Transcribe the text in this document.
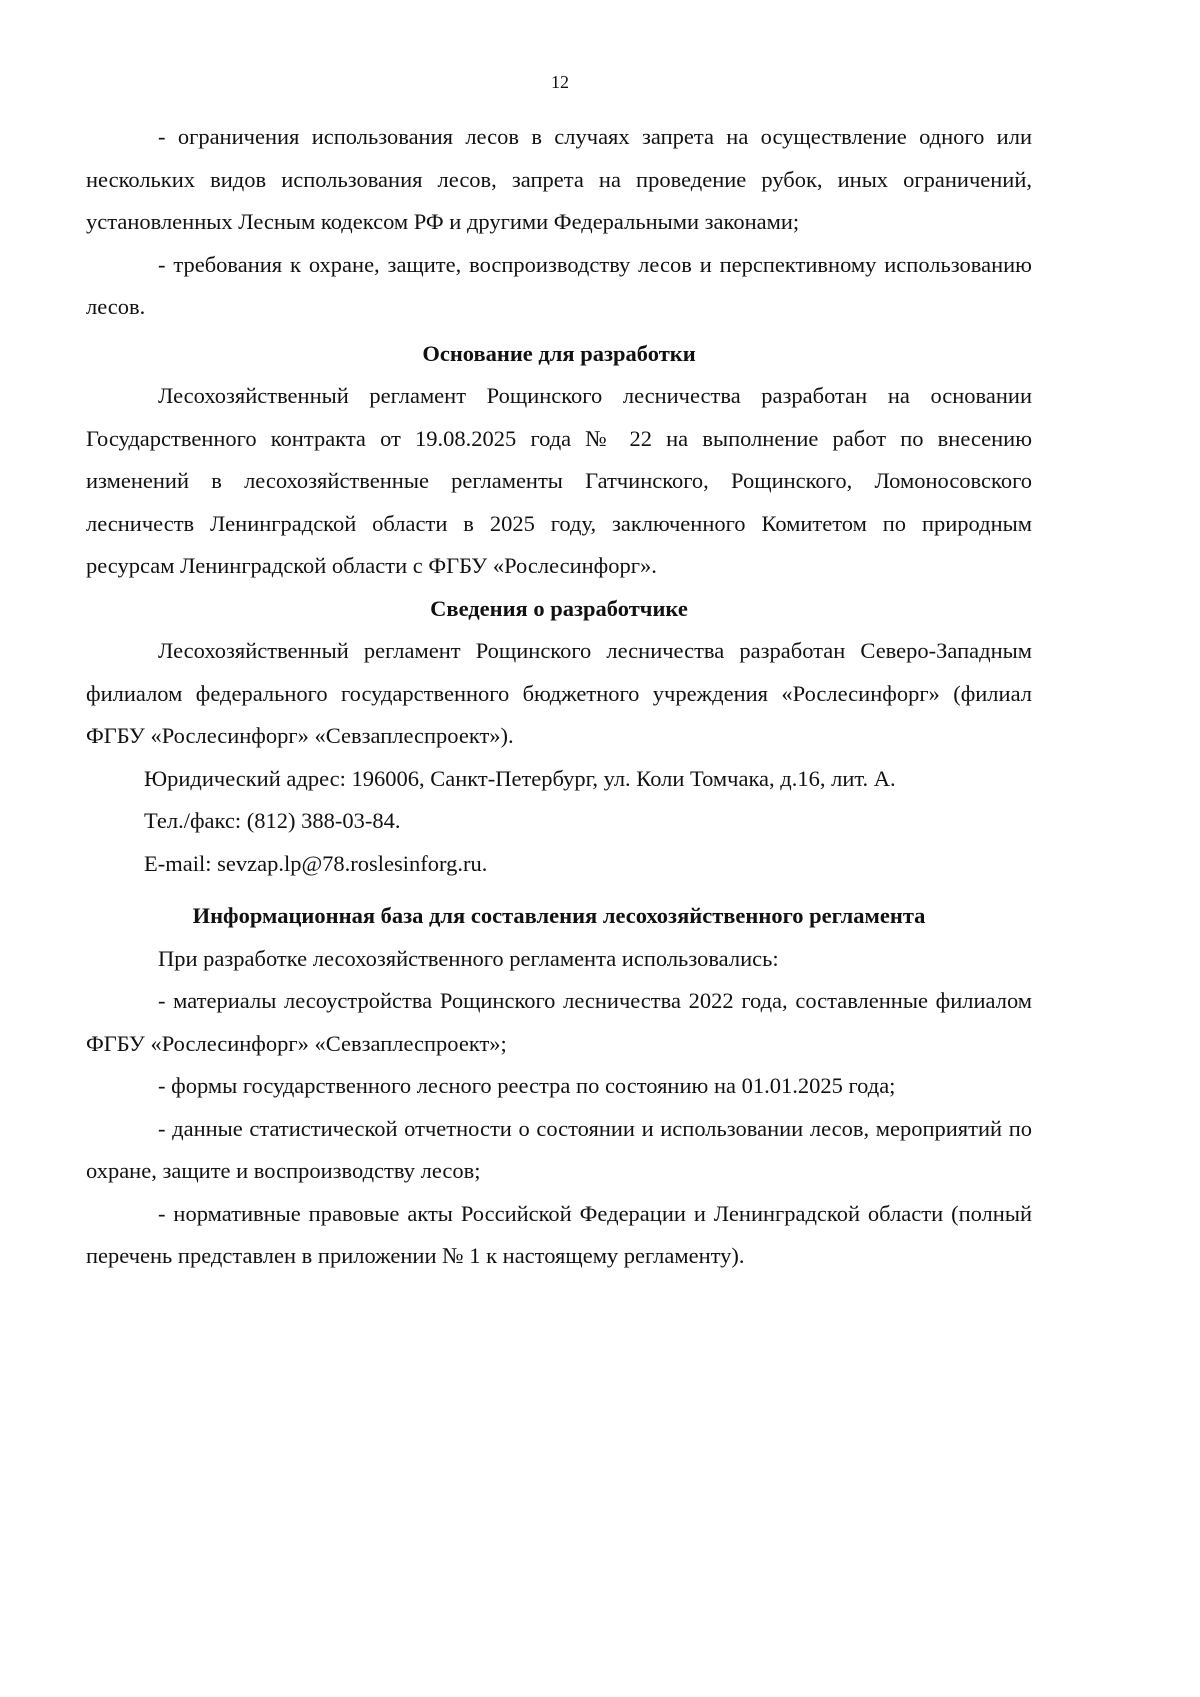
12

- ограничения использования лесов в случаях запрета на осуществление одного или нескольких видов использования лесов, запрета на проведение рубок, иных ограничений, установленных Лесным кодексом РФ и другими Федеральными законами;

- требования к охране, защите, воспроизводству лесов и перспективному использованию лесов.

Основание для разработки

Лесохозяйственный регламент Рощинского лесничества разработан на основании Государственного контракта от 19.08.2025 года № 22 на выполнение работ по внесению изменений в лесохозяйственные регламенты Гатчинского, Рощинского, Ломоносовского лесничеств Ленинградской области в 2025 году, заключенного Комитетом по природным ресурсам Ленинградской области с ФГБУ «Рослесинфорг».

Сведения о разработчике

Лесохозяйственный регламент Рощинского лесничества разработан Северо-Западным филиалом федерального государственного бюджетного учреждения «Рослесинфорг» (филиал ФГБУ «Рослесинфорг» «Севзаплеспроект»).

Юридический адрес: 196006, Санкт-Петербург, ул. Коли Томчака, д.16, лит. А.

Тел./факс: (812) 388-03-84.

E-mail: sevzap.lp@78.roslesinforg.ru.

Информационная база для составления лесохозяйственного регламента

При разработке лесохозяйственного регламента использовались:

- материалы лесоустройства Рощинского лесничества 2022 года, составленные филиалом ФГБУ «Рослесинфорг» «Севзаплеспроект»;

- формы государственного лесного реестра по состоянию на 01.01.2025 года;

- данные статистической отчетности о состоянии и использовании лесов, мероприятий по охране, защите и воспроизводству лесов;

- нормативные правовые акты Российской Федерации и Ленинградской области (полный перечень представлен в приложении № 1 к настоящему регламенту).
